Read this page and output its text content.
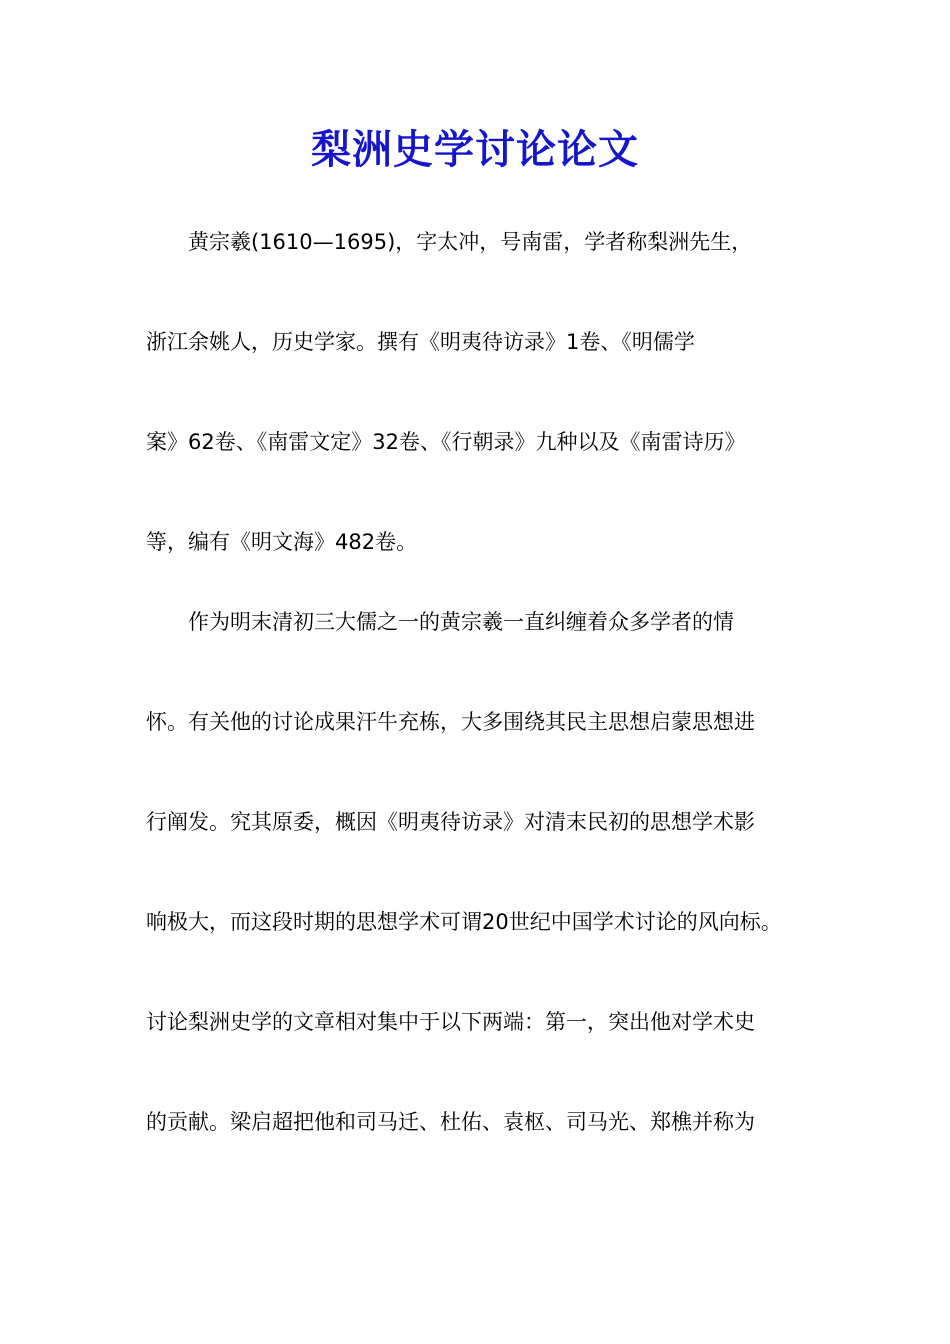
梨洲史学讨论论文
　　黄宗羲(1610—1695)，字太冲，号南雷，学者称梨洲先生，
浙江余姚人，历史学家。撰有《明夷待访录》1卷、《明儒学
案》62卷、《南雷文定》32卷、《行朝录》九种以及《南雷诗历》
等，编有《明文海》482卷。
　　作为明末清初三大儒之一的黄宗羲一直纠缠着众多学者的情
怀。有关他的讨论成果汗牛充栋，大多围绕其民主思想启蒙思想进
行阐发。究其原委，概因《明夷待访录》对清末民初的思想学术影
响极大，而这段时期的思想学术可谓20世纪中国学术讨论的风向标。
讨论梨洲史学的文章相对集中于以下两端：第一，突出他对学术史
的贡献。梁启超把他和司马迁、杜佑、袁枢、司马光、郑樵并称为
